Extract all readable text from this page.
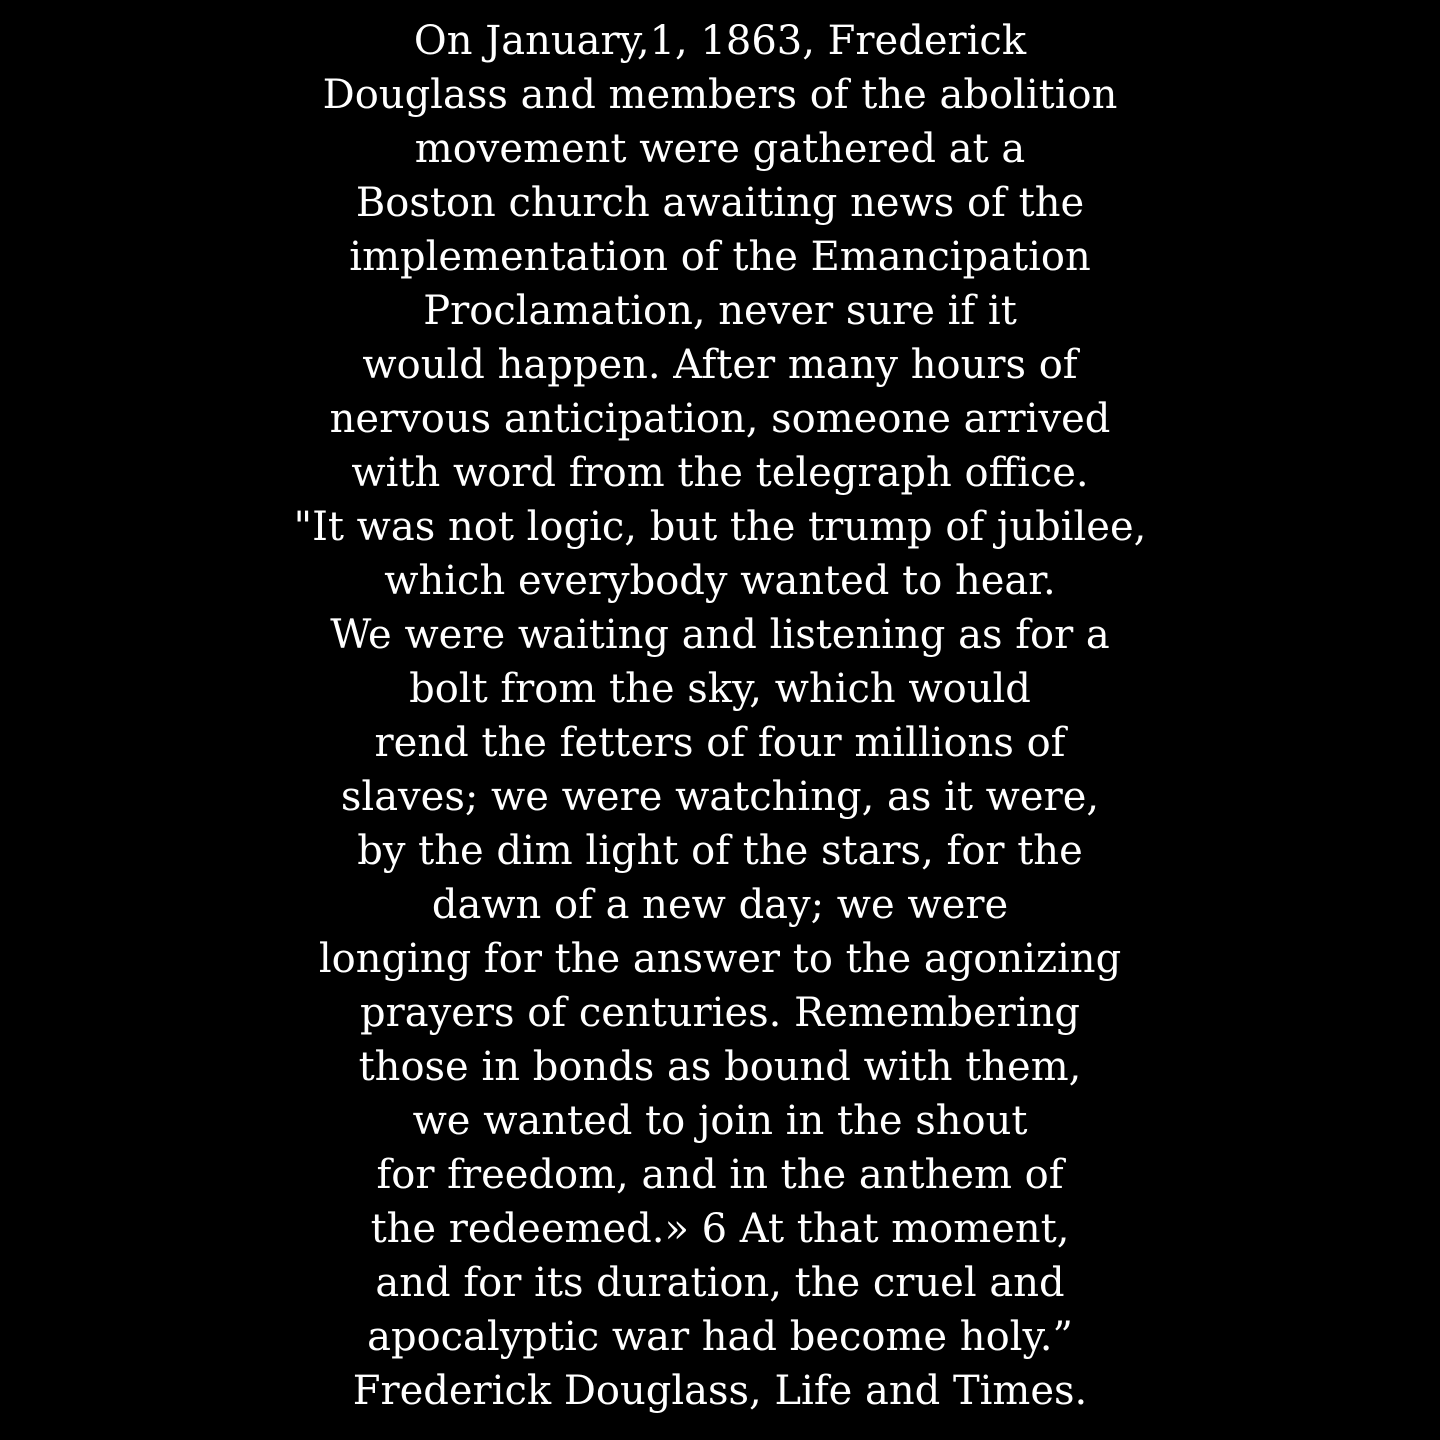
On January,1, 1863, Frederick
Douglass and members of the abolition
movement were gathered at a
Boston church awaiting news of the
implementation of the Emancipation
Proclamation, never sure if it
would happen. After many hours of
nervous anticipation, someone arrived
with word from the telegraph office.
"It was not logic, but the trump of jubilee,
which everybody wanted to hear.
We were waiting and listening as for a
bolt from the sky, which would
rend the fetters of four millions of
slaves; we were watching, as it were,
by the dim light of the stars, for the
dawn of a new day; we were
longing for the answer to the agonizing
prayers of centuries. Remembering
those in bonds as bound with them,
we wanted to join in the shout
for freedom, and in the anthem of
the redeemed.» 6 At that moment,
and for its duration, the cruel and
apocalyptic war had become holy.”
Frederick Douglass, Life and Times.
